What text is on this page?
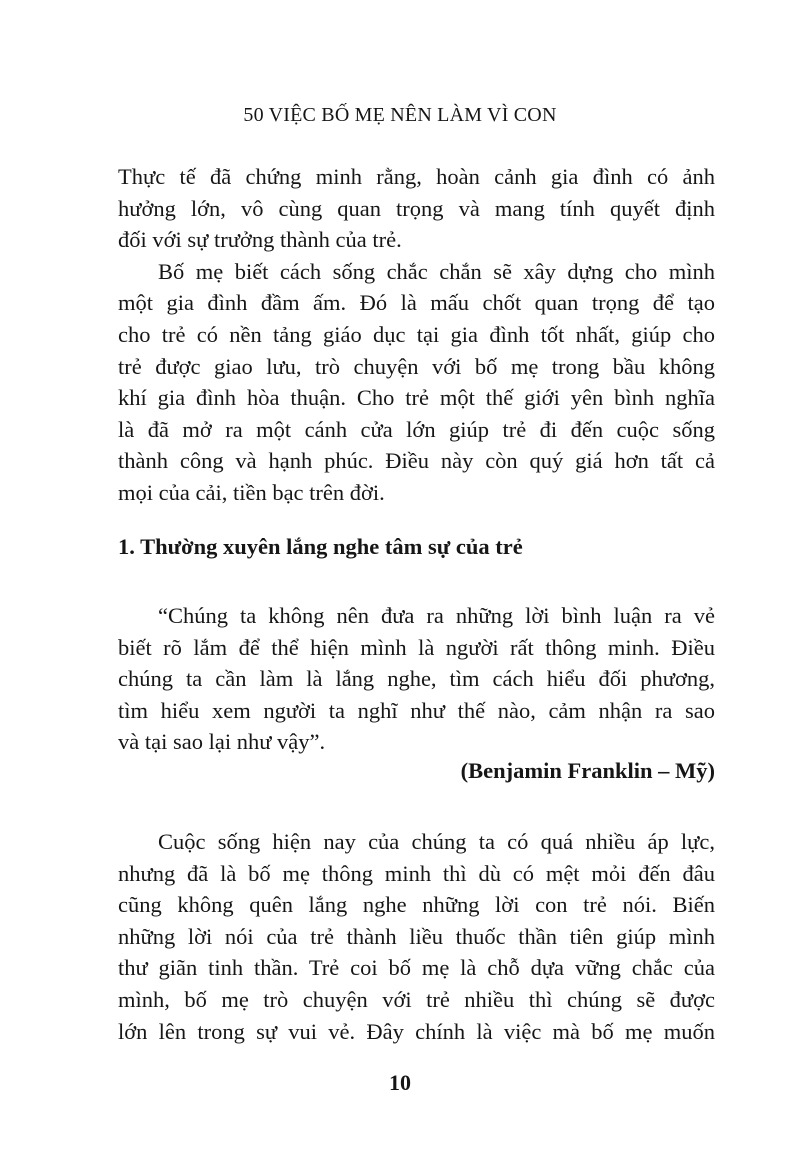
50 VIỆC BỐ MẸ NÊN LÀM VÌ CON
Thực tế đã chứng minh rằng, hoàn cảnh gia đình có ảnh
hưởng lớn, vô cùng quan trọng và mang tính quyết định
đối với sự trưởng thành của trẻ.
Bố mẹ biết cách sống chắc chắn sẽ xây dựng cho mình
một gia đình đầm ấm. Đó là mấu chốt quan trọng để tạo
cho trẻ có nền tảng giáo dục tại gia đình tốt nhất, giúp cho
trẻ được giao lưu, trò chuyện với bố mẹ trong bầu không
khí gia đình hòa thuận. Cho trẻ một thế giới yên bình nghĩa
là đã mở ra một cánh cửa lớn giúp trẻ đi đến cuộc sống
thành công và hạnh phúc. Điều này còn quý giá hơn tất cả
mọi của cải, tiền bạc trên đời.
1. Thường xuyên lắng nghe tâm sự của trẻ
“Chúng ta không nên đưa ra những lời bình luận ra vẻ
biết rõ lắm để thể hiện mình là người rất thông minh. Điều
chúng ta cần làm là lắng nghe, tìm cách hiểu đối phương,
tìm hiểu xem người ta nghĩ như thế nào, cảm nhận ra sao
và tại sao lại như vậy”.
(Benjamin Franklin – Mỹ)
Cuộc sống hiện nay của chúng ta có quá nhiều áp lực,
nhưng đã là bố mẹ thông minh thì dù có mệt mỏi đến đâu
cũng không quên lắng nghe những lời con trẻ nói. Biến
những lời nói của trẻ thành liều thuốc thần tiên giúp mình
thư giãn tinh thần. Trẻ coi bố mẹ là chỗ dựa vững chắc của
mình, bố mẹ trò chuyện với trẻ nhiều thì chúng sẽ được
lớn lên trong sự vui vẻ. Đây chính là việc mà bố mẹ muốn
10
